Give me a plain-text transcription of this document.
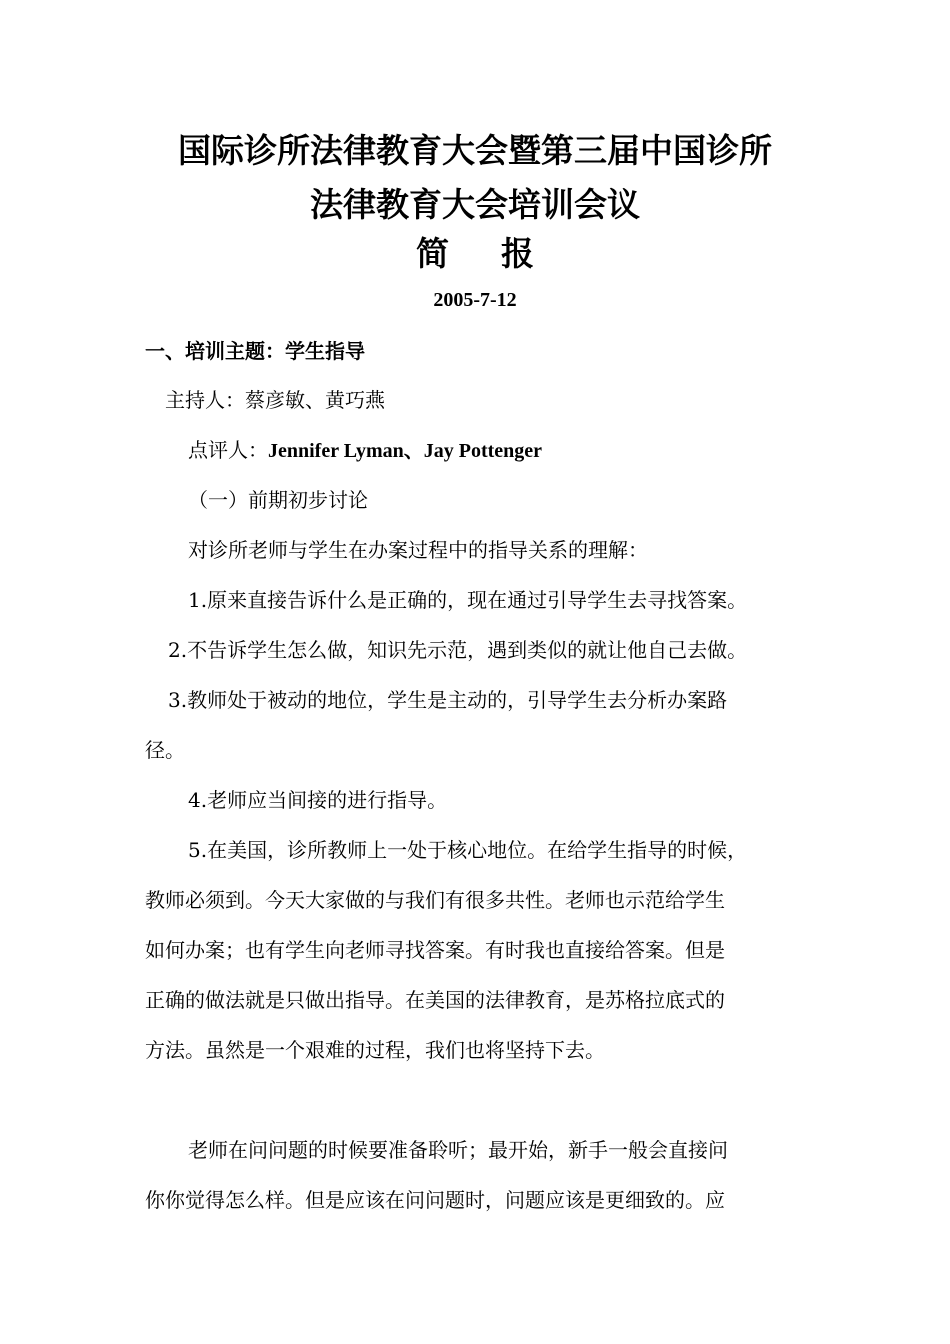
国际诊所法律教育大会暨第三届中国诊所
法律教育大会培训会议
简报
2005-7-12
一、培训主题：学生指导
主持人：蔡彦敏、黄巧燕
点评人：Jennifer Lyman、Jay Pottenger
（一）前期初步讨论
对诊所老师与学生在办案过程中的指导关系的理解：
1.原来直接告诉什么是正确的，现在通过引导学生去寻找答案。
2.不告诉学生怎么做，知识先示范，遇到类似的就让他自己去做。
3.教师处于被动的地位，学生是主动的，引导学生去分析办案路
径。
4.老师应当间接的进行指导。
5.在美国，诊所教师上一处于核心地位。在给学生指导的时候，
教师必须到。今天大家做的与我们有很多共性。老师也示范给学生
如何办案；也有学生向老师寻找答案。有时我也直接给答案。但是
正确的做法就是只做出指导。在美国的法律教育，是苏格拉底式的
方法。虽然是一个艰难的过程，我们也将坚持下去。
老师在问问题的时候要准备聆听；最开始，新手一般会直接问
你你觉得怎么样。但是应该在问问题时，问题应该是更细致的。应
